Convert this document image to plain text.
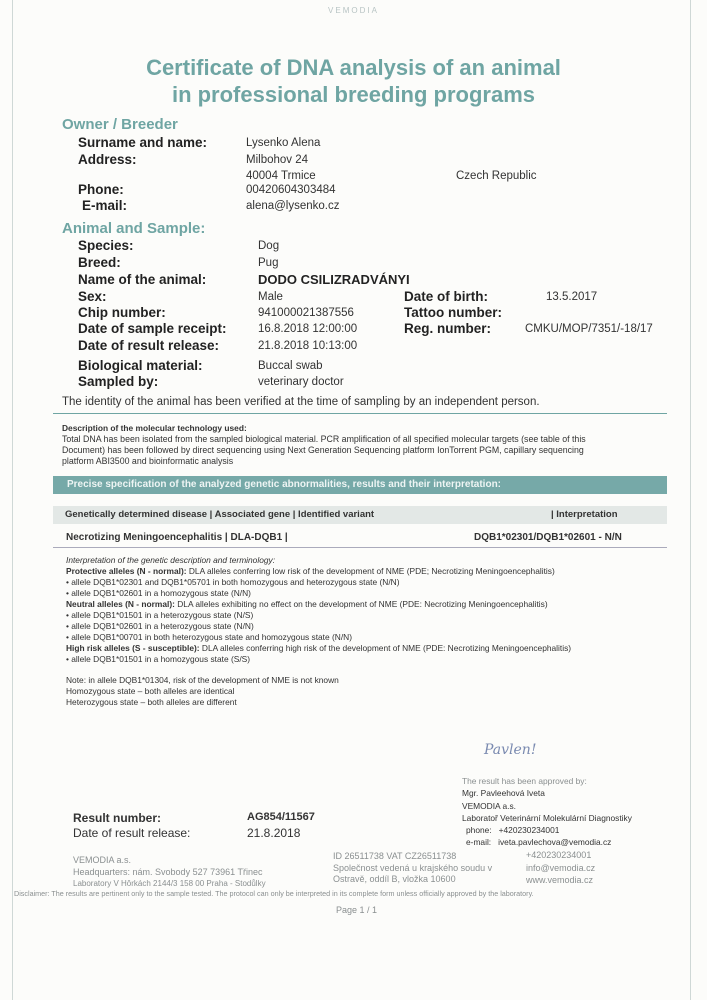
VEMODIA
Certificate of DNA analysis of an animal
in professional breeding programs
Owner / Breeder
Surname and name:	Lysenko Alena
Address:	Milbohov 24
40004 Trmice	Czech Republic
Phone:	00420604303484
E-mail:	alena@lysenko.cz
Animal and Sample:
Species:	Dog
Breed:	Pug
Name of the animal:	DODO CSILIZRADVÁNYI
Sex:	Male	Date of birth:	13.5.2017
Chip number:	941000021387556	Tattoo number:
Date of sample receipt:	16.8.2018 12:00:00	Reg. number:	CMKU/MOP/7351/-18/17
Date of result release:	21.8.2018 10:13:00
Biological material:	Buccal swab
Sampled by:	veterinary doctor
The identity of the animal has been verified at the time of sampling by an independent person.
Description of the molecular technology used:
Total DNA has been isolated from the sampled biological material. PCR amplification of all specified molecular targets (see table of this
Document) has been followed by direct sequencing using Next Generation Sequencing platform IonTorrent PGM, capillary sequencing
platform ABI3500 and bioinformatic analysis
Precise specification of the analyzed genetic abnormalities, results and their interpretation:
Genetically determined disease | Associated gene | Identified variant	| Interpretation
Necrotizing Meningoencephalitis | DLA-DQB1 |	DQB1*02301/DQB1*02601 - N/N
Interpretation of the genetic description and terminology:
Protective alleles (N - normal): DLA alleles conferring low risk of the development of NME (PDE; Necrotizing Meningoencephalitis)
• allele DQB1*02301 and DQB1*05701 in both homozygous and heterozygous state (N/N)
• allele DQB1*02601 in a homozygous state (N/N)
Neutral alleles (N - normal): DLA alleles exhibiting no effect on the development of NME (PDE: Necrotizing Meningoencephalitis)
• allele DQB1*01501 in a heterozygous state (N/S)
• allele DQB1*02601 in a heterozygous state (N/N)
• allele DQB1*00701 in both heterozygous state and homozygous state (N/N)
High risk alleles (S - susceptible): DLA alleles conferring high risk of the development of NME (PDE: Necrotizing Meningoencephalitis)
• allele DQB1*01501 in a homozygous state (S/S)
Note: in allele DQB1*01304, risk of the development of NME is not known
Homozygous state – both alleles are identical
Heterozygous state – both alleles are different
Pavlen!
The result has been approved by:
Mgr. Pavleehová Iveta
VEMODIA a.s.
Laboratoř Veterinární Molekulární Diagnostiky
phone: +420230234001
e-mail: iveta.pavlechova@vemodia.cz
Result number:	AG854/11567
Date of result release:	21.8.2018
VEMODIA a.s.
Headquarters: nám. Svobody 527 73961 Třinec
Laboratory V Hôrkách 2144/3 158 00 Praha - Stodůlky
ID 26511738 VAT CZ26511738
Společnost vedená u krajského soudu v
Ostravě, oddíl B, vložka 10600
+420230234001
info@vemodia.cz
www.vemodia.cz
Disclaimer: The results are pertinent only to the sample tested. The protocol can only be interpreted in its complete form unless officially approved by the laboratory.
Page 1 / 1
